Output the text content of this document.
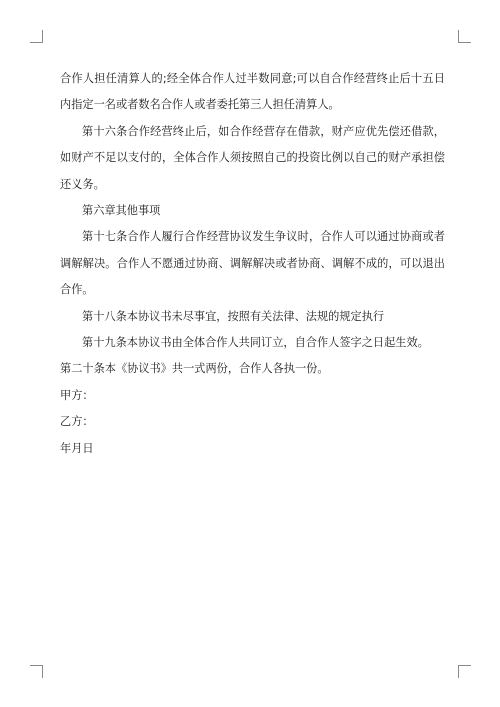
合作人担任清算人的;经全体合作人过半数同意;可以自合作经营终止后十五日内指定一名或者数名合作人或者委托第三人担任清算人。

第十六条合作经营终止后，如合作经营存在借款，财产应优先偿还借款，如财产不足以支付的，全体合作人须按照自己的投资比例以自己的财产承担偿还义务。

第六章其他事项

第十七条合作人履行合作经营协议发生争议时，合作人可以通过协商或者调解解决。合作人不愿通过协商、调解解决或者协商、调解不成的，可以退出合作。

第十八条本协议书未尽事宜，按照有关法律、法规的规定执行

第十九条本协议书由全体合作人共同订立，自合作人签字之日起生效。

第二十条本《协议书》共一式两份，合作人各执一份。

甲方：

乙方：

年月日
